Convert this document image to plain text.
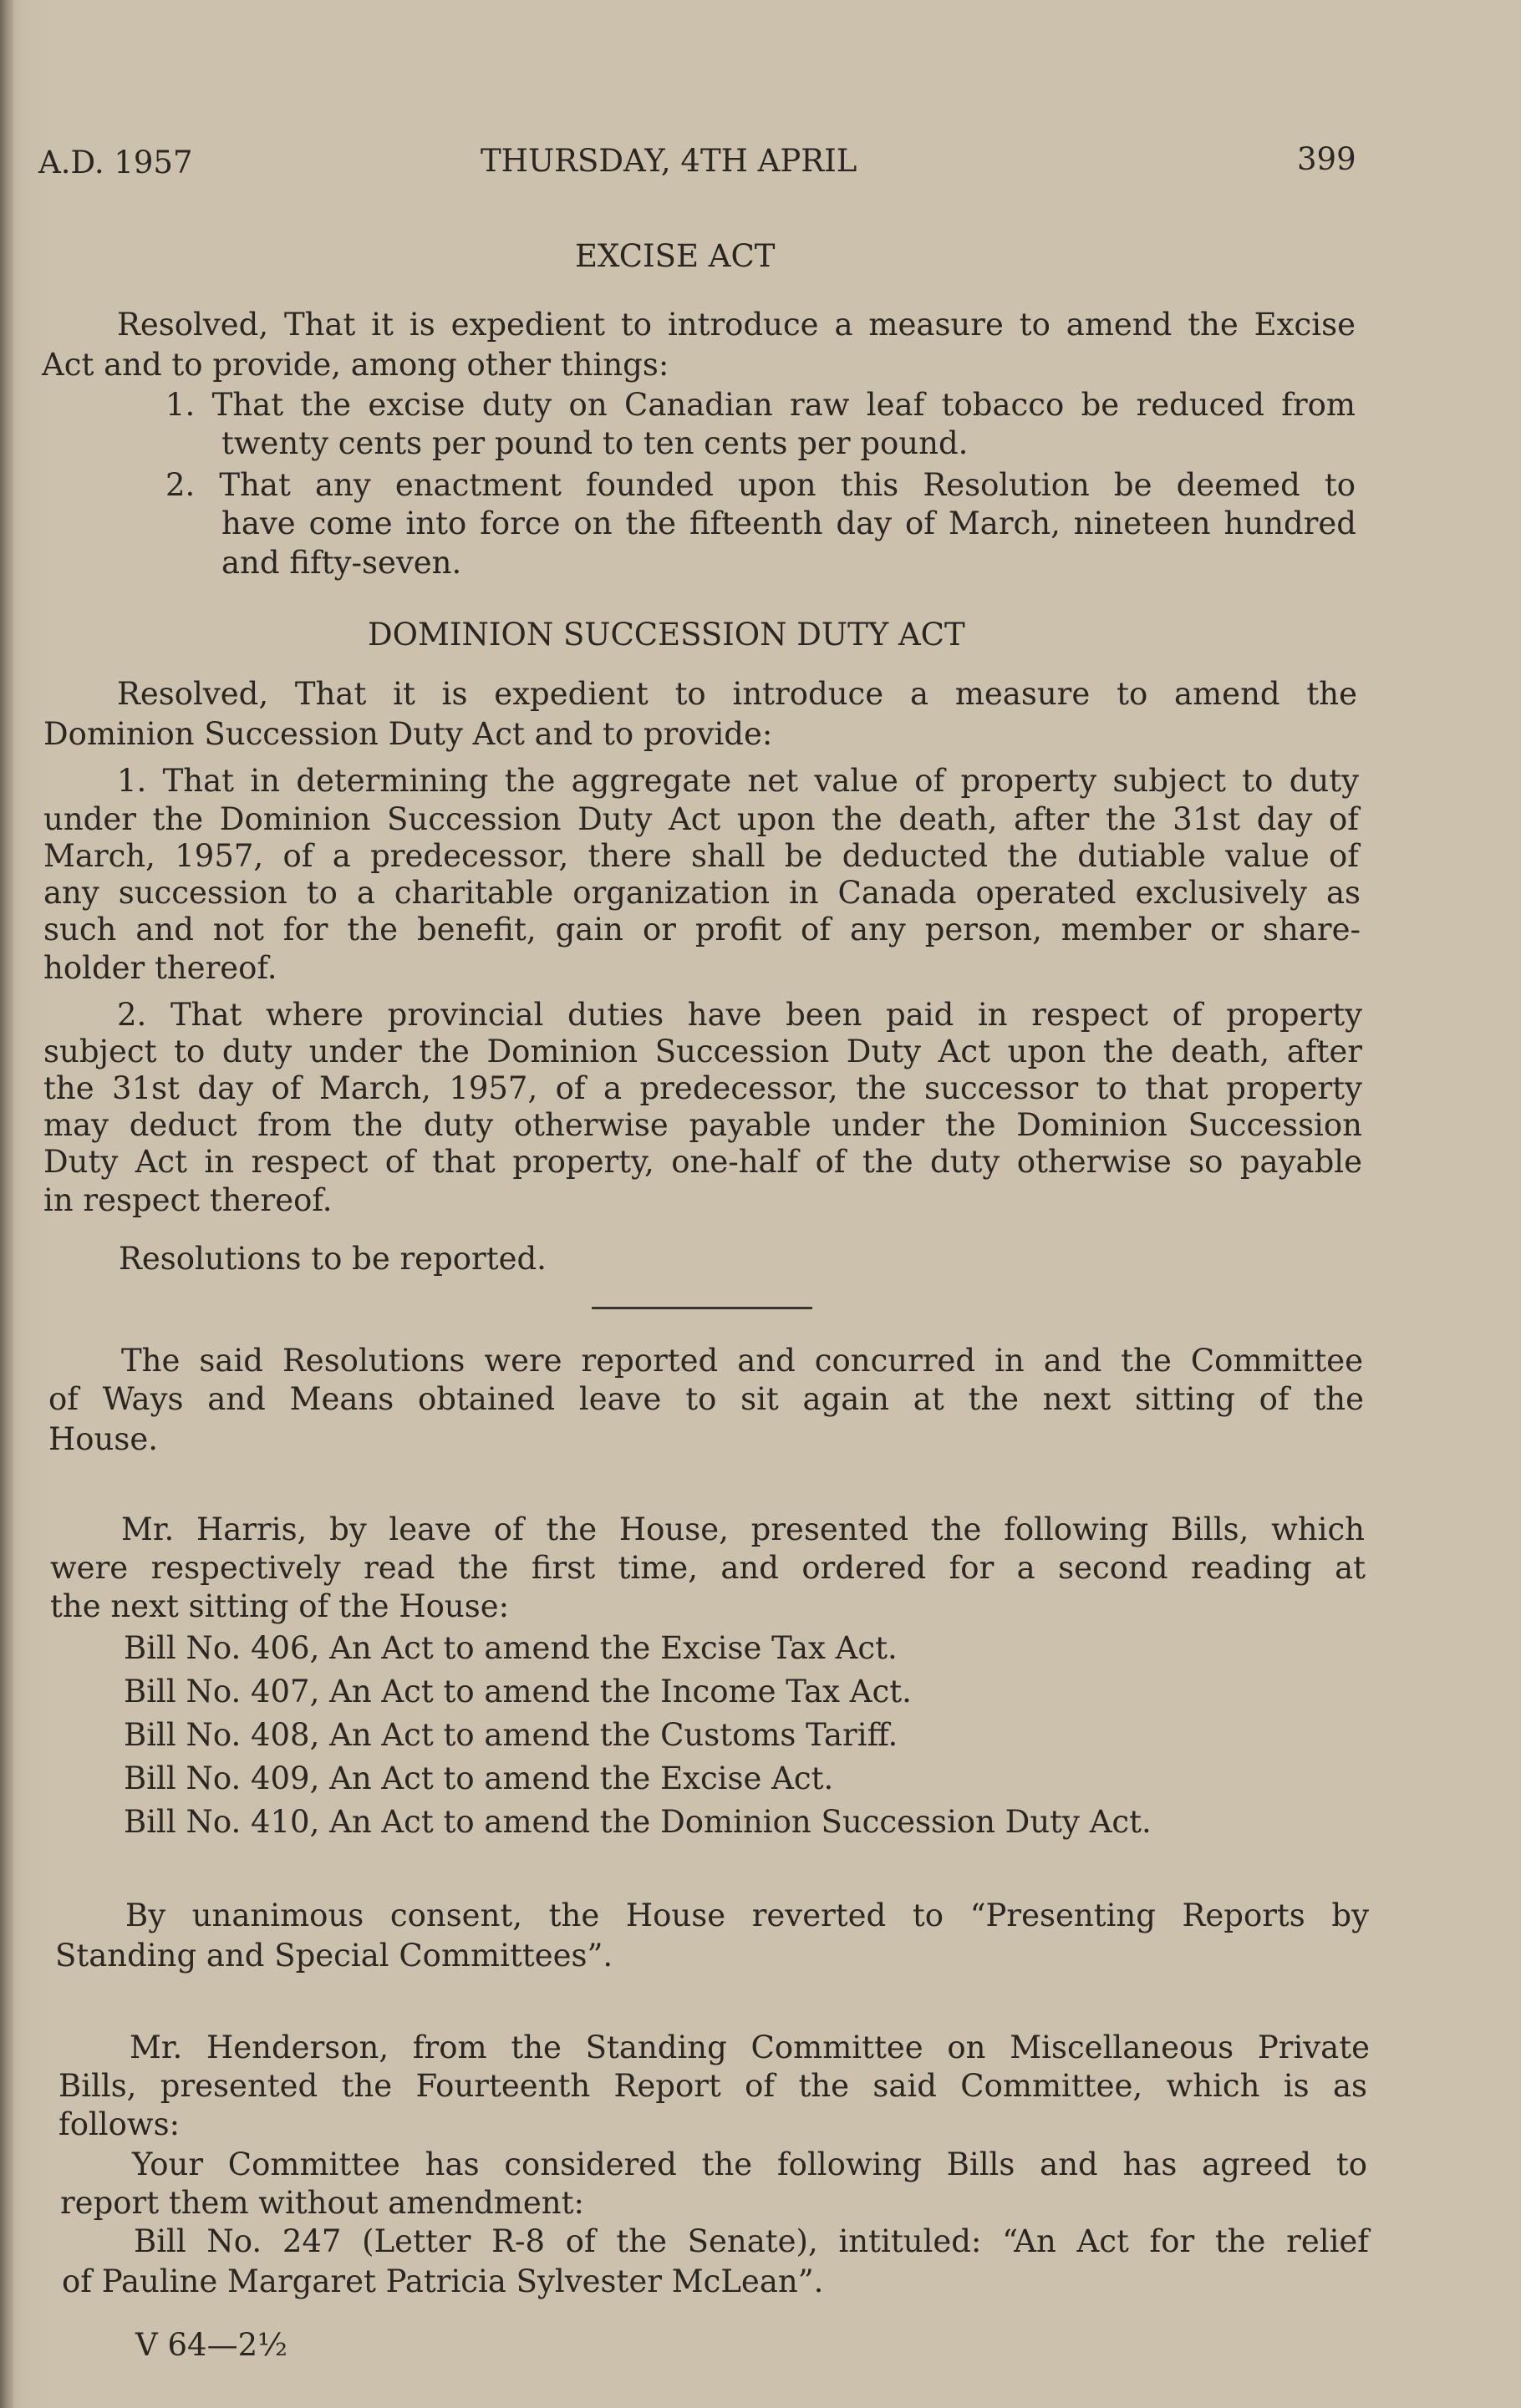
A.D. 1957	THURSDAY, 4TH APRIL	399
EXCISE ACT
Resolved, That it is expedient to introduce a measure to amend the Excise
Act and to provide, among other things:
1. That the excise duty on Canadian raw leaf tobacco be reduced from
twenty cents per pound to ten cents per pound.
2. That any enactment founded upon this Resolution be deemed to
have come into force on the fifteenth day of March, nineteen hundred
and fifty-seven.
DOMINION SUCCESSION DUTY ACT
Resolved, That it is expedient to introduce a measure to amend the
Dominion Succession Duty Act and to provide:
1. That in determining the aggregate net value of property subject to duty
under the Dominion Succession Duty Act upon the death, after the 31st day of
March, 1957, of a predecessor, there shall be deducted the dutiable value of
any succession to a charitable organization in Canada operated exclusively as
such and not for the benefit, gain or profit of any person, member or share-
holder thereof.
2. That where provincial duties have been paid in respect of property
subject to duty under the Dominion Succession Duty Act upon the death, after
the 31st day of March, 1957, of a predecessor, the successor to that property
may deduct from the duty otherwise payable under the Dominion Succession
Duty Act in respect of that property, one-half of the duty otherwise so payable
in respect thereof.
Resolutions to be reported.
The said Resolutions were reported and concurred in and the Committee
of Ways and Means obtained leave to sit again at the next sitting of the
House.
Mr. Harris, by leave of the House, presented the following Bills, which
were respectively read the first time, and ordered for a second reading at
the next sitting of the House:
Bill No. 406, An Act to amend the Excise Tax Act.
Bill No. 407, An Act to amend the Income Tax Act.
Bill No. 408, An Act to amend the Customs Tariff.
Bill No. 409, An Act to amend the Excise Act.
Bill No. 410, An Act to amend the Dominion Succession Duty Act.
By unanimous consent, the House reverted to “Presenting Reports by
Standing and Special Committees”.
Mr. Henderson, from the Standing Committee on Miscellaneous Private
Bills, presented the Fourteenth Report of the said Committee, which is as
follows:
Your Committee has considered the following Bills and has agreed to
report them without amendment:
Bill No. 247 (Letter R-8 of the Senate), intituled: “An Act for the relief
of Pauline Margaret Patricia Sylvester McLean”.
V 64—2½
